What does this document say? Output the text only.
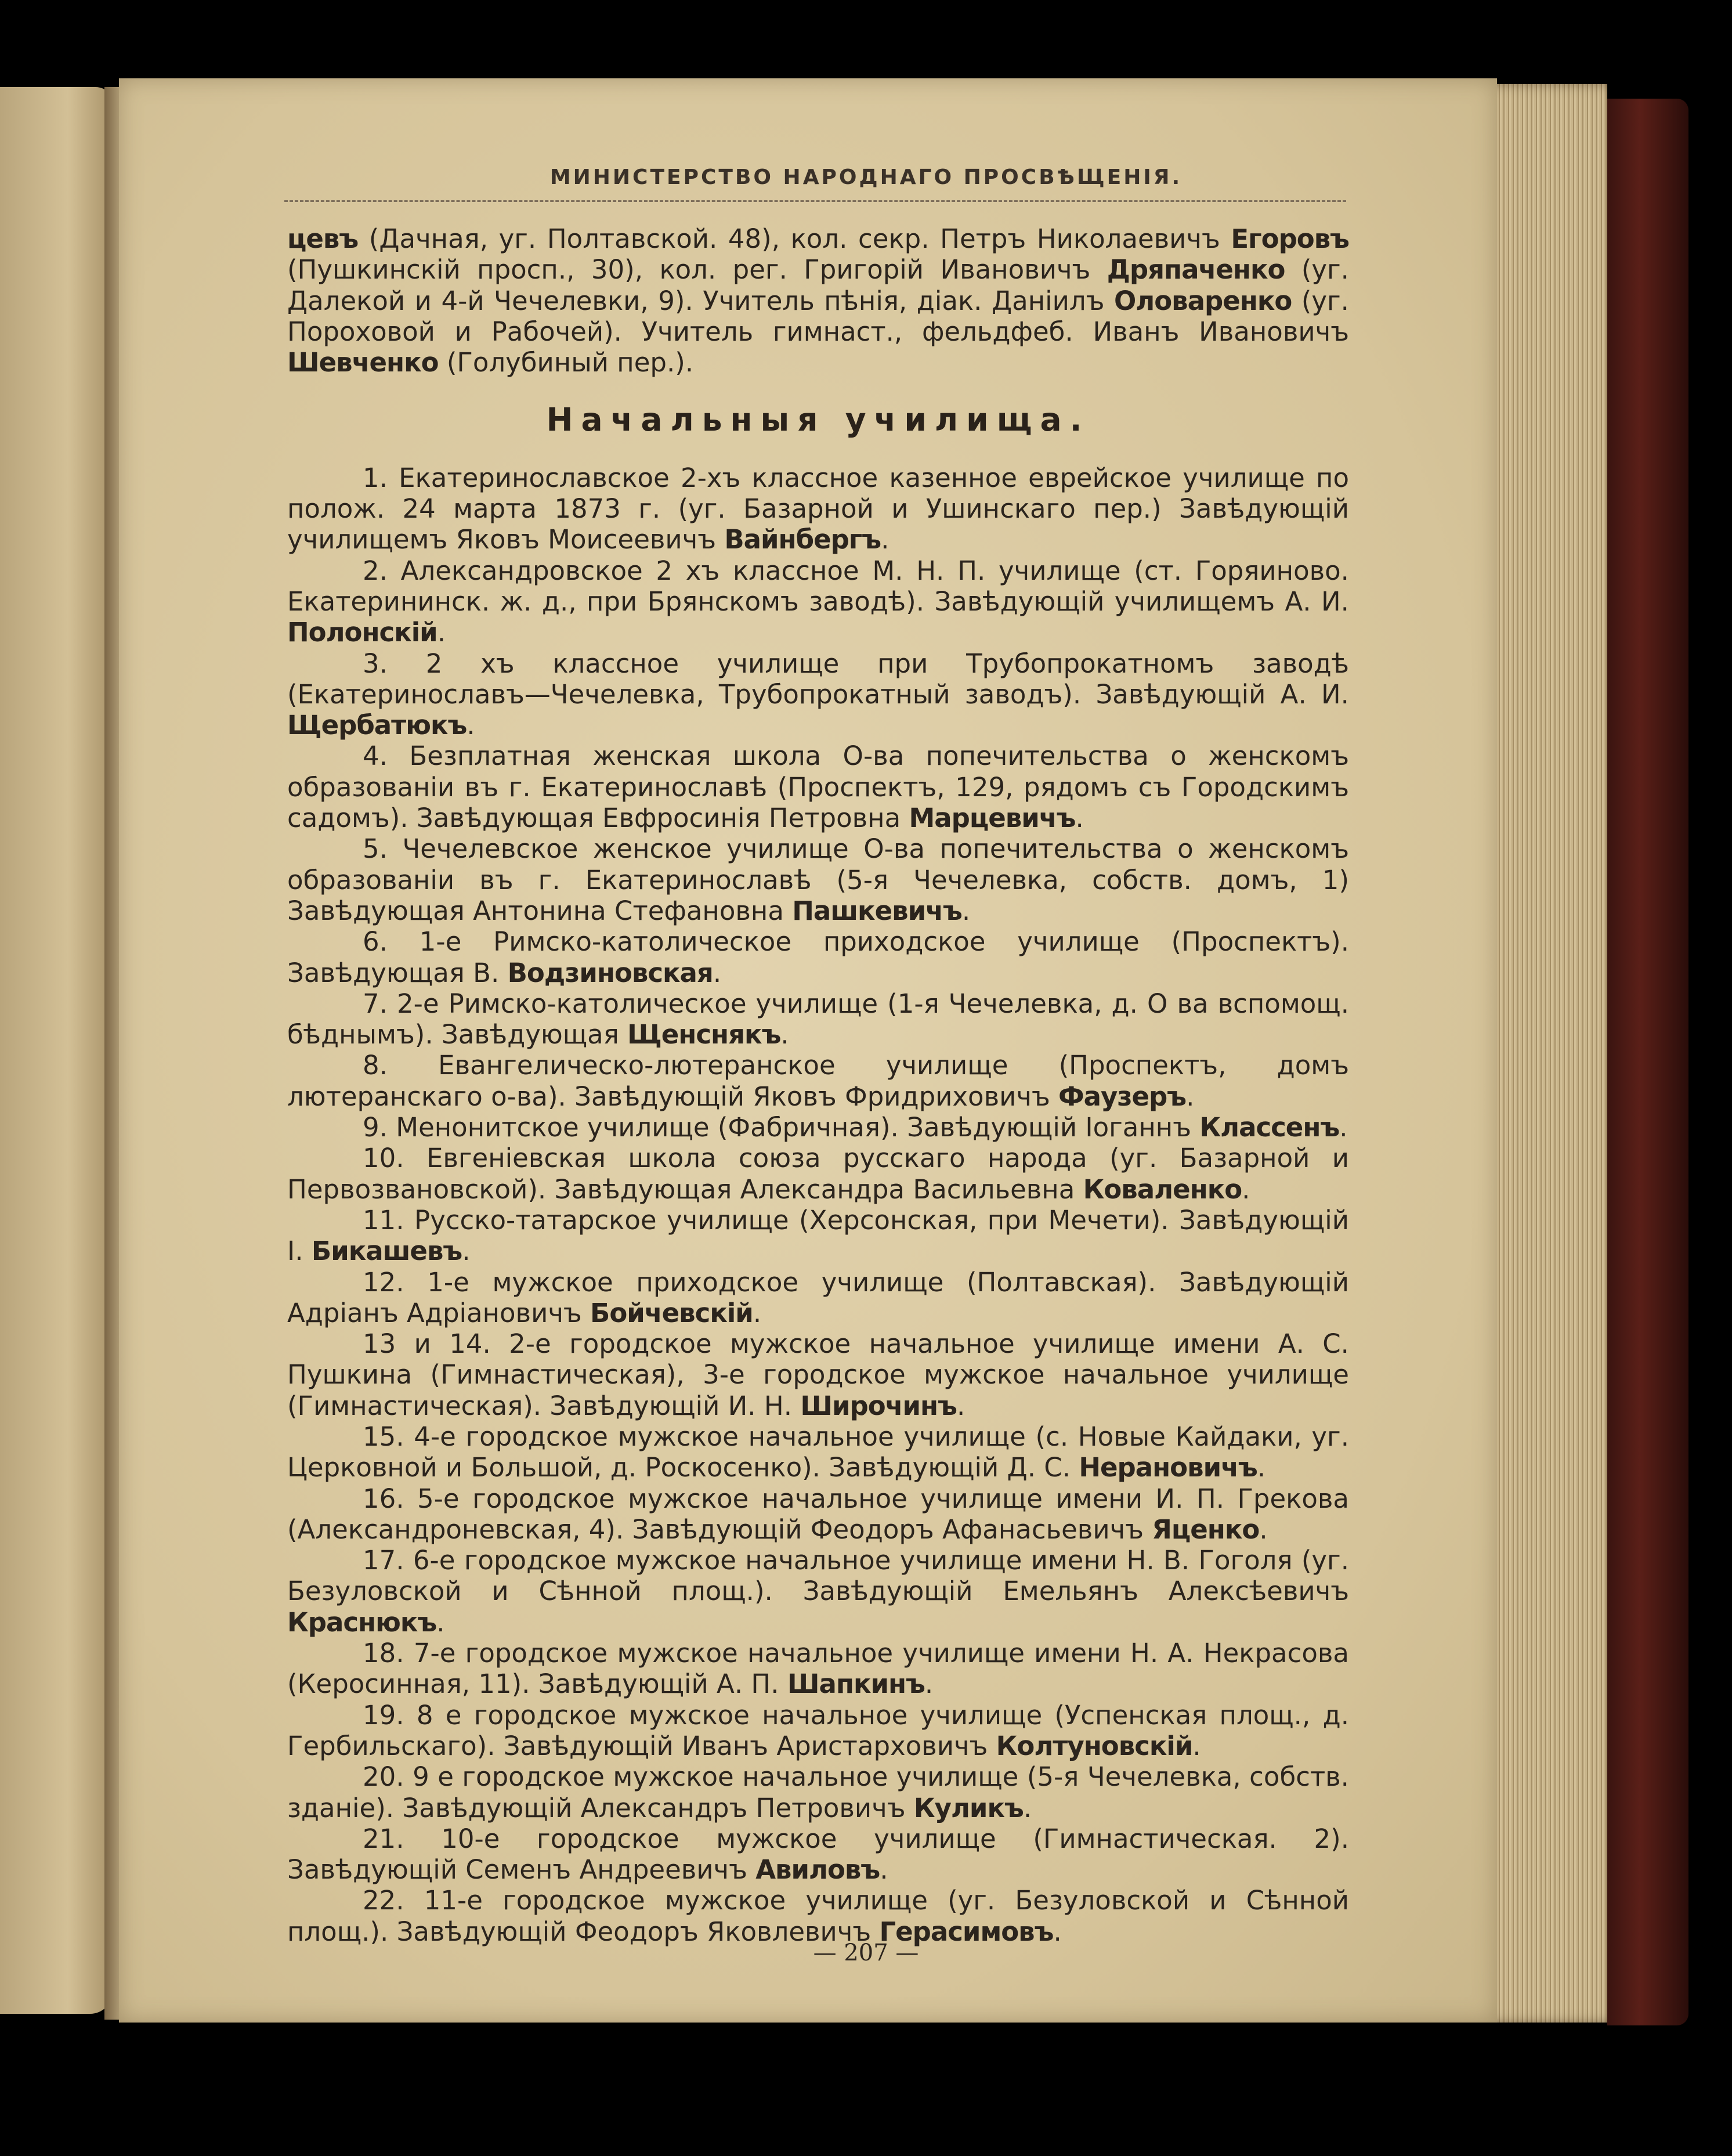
МИНИСТЕРСТВО НАРОДНАГО ПРОСВѢЩЕНІЯ.

цевъ (Дачная, уг. Полтавской. 48), кол. секр. Петръ Николаевичъ Егоровъ (Пушкинскій просп., 30), кол. рег. Григорій Ивановичъ Дряпаченко (уг. Далекой и 4-й Чечелевки, 9). Учитель пѣнія, діак. Даніилъ Оловаренко (уг. Пороховой и Рабочей). Учитель гимнаст., фельдфеб. Иванъ Ивановичъ Шевченко (Голубиный пер.).

Начальныя училища.

1. Екатеринославское 2-хъ классное казенное еврейское училище по полож. 24 марта 1873 г. (уг. Базарной и Ушинскаго пер.) Завѣдующій училищемъ Яковъ Моисеевичъ Вайнбергъ.

2. Александровское 2 хъ классное М. Н. П. училище (ст. Горяиново. Екатерининск. ж. д., при Брянскомъ заводѣ). Завѣдующій училищемъ А. И. Полонскій.

3. 2 хъ классное училище при Трубопрокатномъ заводѣ (Екатеринославъ—Чечелевка, Трубопрокатный заводъ). Завѣдующій А. И. Щербатюкъ.

4. Безплатная женская школа О-ва попечительства о женскомъ образованіи въ г. Екатеринославѣ (Проспектъ, 129, рядомъ съ Городскимъ садомъ). Завѣдующая Евфросинія Петровна Марцевичъ.

5. Чечелевское женское училище О-ва попечительства о женскомъ образованіи въ г. Екатеринославѣ (5-я Чечелевка, собств. домъ, 1) Завѣдующая Антонина Стефановна Пашкевичъ.

6. 1-е Римско-католическое приходское училище (Проспектъ). Завѣдующая В. Водзиновская.

7. 2-е Римско-католическое училище (1-я Чечелевка, д. О ва вспомощ. бѣднымъ). Завѣдующая Щенснякъ.

8. Евангелическо-лютеранское училище (Проспектъ, домъ лютеранскаго о-ва). Завѣдующій Яковъ Фридриховичъ Фаузеръ.

9. Менонитское училище (Фабричная). Завѣдующій Іоганнъ Классенъ.

10. Евгеніевская школа союза русскаго народа (уг. Базарной и Первозвановской). Завѣдующая Александра Васильевна Коваленко.

11. Русско-татарское училище (Херсонская, при Мечети). Завѣдующій І. Бикашевъ.

12. 1-е мужское приходское училище (Полтавская). Завѣдующій Адріанъ Адріановичъ Бойчевскій.

13 и 14. 2-е городское мужское начальное училище имени А. С. Пушкина (Гимнастическая), 3-е городское мужское начальное училище (Гимнастическая). Завѣдующій И. Н. Широчинъ.

15. 4-е городское мужское начальное училище (с. Новые Кайдаки, уг. Церковной и Большой, д. Роскосенко). Завѣдующій Д. С. Нерановичъ.

16. 5-е городское мужское начальное училище имени И. П. Грекова (Александроневская, 4). Завѣдующій Феодоръ Афанасьевичъ Яценко.

17. 6-е городское мужское начальное училище имени Н. В. Гоголя (уг. Безуловской и Сѣнной площ.). Завѣдующій Емельянъ Алексѣевичъ Краснюкъ.

18. 7-е городское мужское начальное училище имени Н. А. Некрасова (Керосинная, 11). Завѣдующій А. П. Шапкинъ.

19. 8 е городское мужское начальное училище (Успенская площ., д. Гербильскаго). Завѣдующій Иванъ Аристарховичъ Колтуновскій.

20. 9 е городское мужское начальное училище (5-я Чечелевка, собств. зданіе). Завѣдующій Александръ Петровичъ Куликъ.

21. 10-е городское мужское училище (Гимнастическая. 2). Завѣдующій Семенъ Андреевичъ Авиловъ.

22. 11-е городское мужское училище (уг. Безуловской и Сѣнной площ.). Завѣдующій Феодоръ Яковлевичъ Герасимовъ.

— 207 —
